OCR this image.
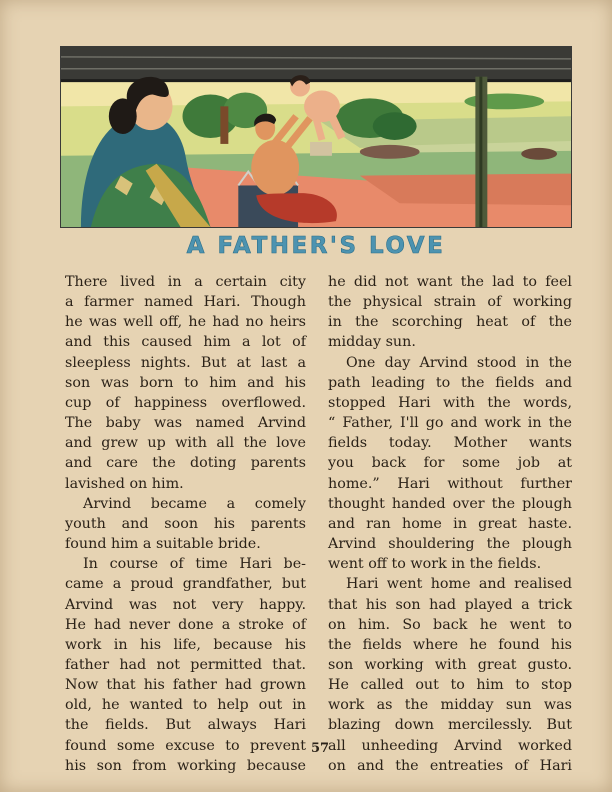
A FATHER'S LOVE
There lived in a certain city
a farmer named Hari. Though
he was well off, he had no heirs
and this caused him a lot of
sleepless nights. But at last a
son was born to him and his
cup of happiness overflowed.
The baby was named Arvind
and grew up with all the love
and care the doting parents
lavished on him.
Arvind became a comely
youth and soon his parents
found him a suitable bride.
In course of time Hari be-
came a proud grandfather, but
Arvind was not very happy.
He had never done a stroke of
work in his life, because his
father had not permitted that.
Now that his father had grown
old, he wanted to help out in
the fields. But always Hari
found some excuse to prevent
his son from working because
he did not want the lad to feel
the physical strain of working
in the scorching heat of the
midday sun.
One day Arvind stood in the
path leading to the fields and
stopped Hari with the words,
“ Father, I'll go and work in the
fields today. Mother wants
you back for some job at
home.” Hari without further
thought handed over the plough
and ran home in great haste.
Arvind shouldering the plough
went off to work in the fields.
Hari went home and realised
that his son had played a trick
on him. So back he went to
the fields where he found his
son working with great gusto.
He called out to him to stop
work as the midday sun was
blazing down mercilessly. But
all unheeding Arvind worked
on and the entreaties of Hari
57
